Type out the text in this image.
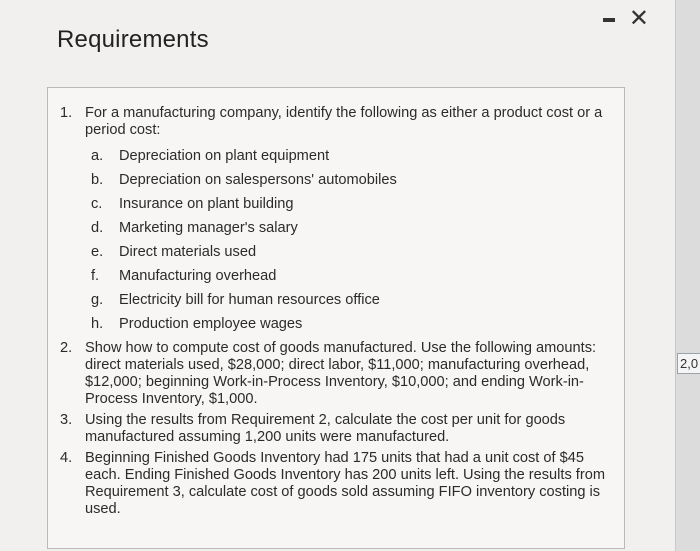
Requirements
✕
1. For a manufacturing company, identify the following as either a product cost or a period cost:
a. Depreciation on plant equipment
b. Depreciation on salespersons' automobiles
c. Insurance on plant building
d. Marketing manager's salary
e. Direct materials used
f. Manufacturing overhead
g. Electricity bill for human resources office
h. Production employee wages
2. Show how to compute cost of goods manufactured. Use the following amounts: direct materials used, $28,000; direct labor, $11,000; manufacturing overhead, $12,000; beginning Work-in-Process Inventory, $10,000; and ending Work-in-Process Inventory, $1,000.
3. Using the results from Requirement 2, calculate the cost per unit for goods manufactured assuming 1,200 units were manufactured.
4. Beginning Finished Goods Inventory had 175 units that had a unit cost of $45 each. Ending Finished Goods Inventory has 200 units left. Using the results from Requirement 3, calculate cost of goods sold assuming FIFO inventory costing is used.
2,0
